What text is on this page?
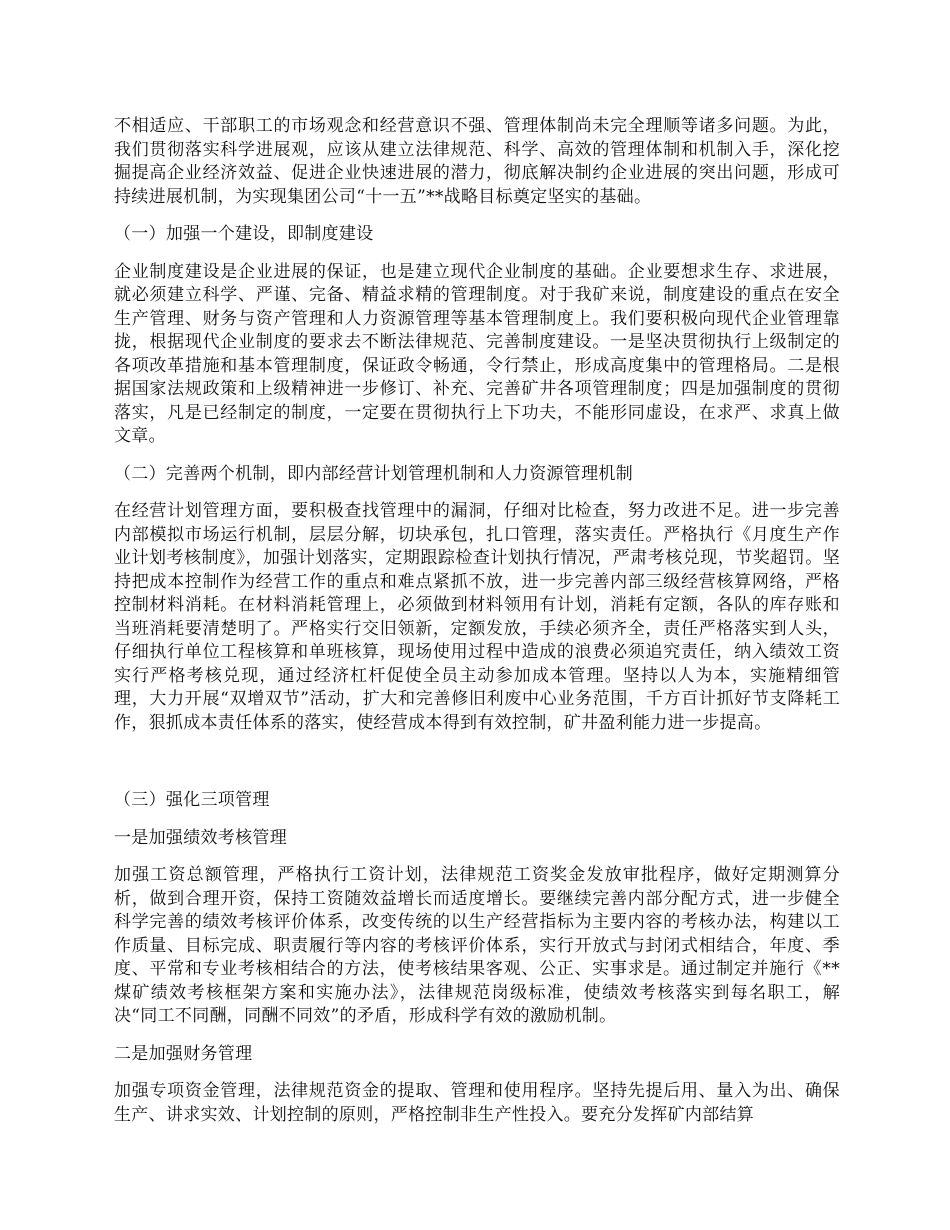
不相适应、干部职工的市场观念和经营意识不强、管理体制尚未完全理顺等诸多问题。为此，我们贯彻落实科学进展观，应该从建立法律规范、科学、高效的管理体制和机制入手，深化挖掘提高企业经济效益、促进企业快速进展的潜力，彻底解决制约企业进展的突出问题，形成可持续进展机制，为实现集团公司“十一五”**战略目标奠定坚实的基础。

（一）加强一个建设，即制度建设

企业制度建设是企业进展的保证，也是建立现代企业制度的基础。企业要想求生存、求进展，就必须建立科学、严谨、完备、精益求精的管理制度。对于我矿来说，制度建设的重点在安全生产管理、财务与资产管理和人力资源管理等基本管理制度上。我们要积极向现代企业管理靠拢，根据现代企业制度的要求去不断法律规范、完善制度建设。一是坚决贯彻执行上级制定的各项改革措施和基本管理制度，保证政令畅通，令行禁止，形成高度集中的管理格局。二是根据国家法规政策和上级精神进一步修订、补充、完善矿井各项管理制度；四是加强制度的贯彻落实，凡是已经制定的制度，一定要在贯彻执行上下功夫，不能形同虚设，在求严、求真上做文章。

（二）完善两个机制，即内部经营计划管理机制和人力资源管理机制

在经营计划管理方面，要积极查找管理中的漏洞，仔细对比检查，努力改进不足。进一步完善内部模拟市场运行机制，层层分解，切块承包，扎口管理，落实责任。严格执行《月度生产作业计划考核制度》，加强计划落实，定期跟踪检查计划执行情况，严肃考核兑现，节奖超罚。坚持把成本控制作为经营工作的重点和难点紧抓不放，进一步完善内部三级经营核算网络，严格控制材料消耗。在材料消耗管理上，必须做到材料领用有计划，消耗有定额，各队的库存账和当班消耗要清楚明了。严格实行交旧领新，定额发放，手续必须齐全，责任严格落实到人头，仔细执行单位工程核算和单班核算，现场使用过程中造成的浪费必须追究责任，纳入绩效工资实行严格考核兑现，通过经济杠杆促使全员主动参加成本管理。坚持以人为本，实施精细管理，大力开展“双增双节”活动，扩大和完善修旧利废中心业务范围，千方百计抓好节支降耗工作，狠抓成本责任体系的落实，使经营成本得到有效控制，矿井盈利能力进一步提高。

（三）强化三项管理

一是加强绩效考核管理

加强工资总额管理，严格执行工资计划，法律规范工资奖金发放审批程序，做好定期测算分析，做到合理开资，保持工资随效益增长而适度增长。要继续完善内部分配方式，进一步健全科学完善的绩效考核评价体系，改变传统的以生产经营指标为主要内容的考核办法，构建以工作质量、目标完成、职责履行等内容的考核评价体系，实行开放式与封闭式相结合，年度、季度、平常和专业考核相结合的方法，使考核结果客观、公正、实事求是。通过制定并施行《**煤矿绩效考核框架方案和实施办法》，法律规范岗级标准，使绩效考核落实到每名职工，解决“同工不同酬，同酬不同效”的矛盾，形成科学有效的激励机制。

二是加强财务管理

加强专项资金管理，法律规范资金的提取、管理和使用程序。坚持先提后用、量入为出、确保生产、讲求实效、计划控制的原则，严格控制非生产性投入。要充分发挥矿内部结算
